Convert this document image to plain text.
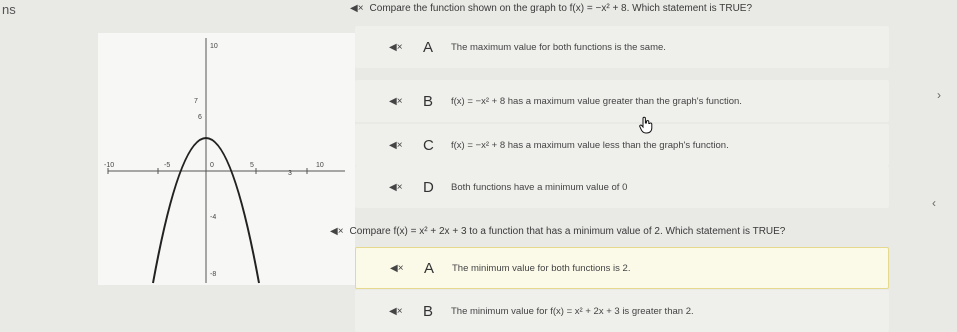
ns	◀× Compare the function shown on the graph to f(x) = −x² + 8. Which statement is TRUE?
10
7
6
-4
-8
-10	-5	0	5	10
3
◀× A The maximum value for both functions is the same.
◀× B f(x) = −x² + 8 has a maximum value greater than the graph's function.
◀× C f(x) = −x² + 8 has a maximum value less than the graph's function.
◀× D Both functions have a minimum value of 0
◀× Compare f(x) = x² + 2x + 3 to a function that has a minimum value of 2. Which statement is TRUE?
◀× A The minimum value for both functions is 2.
◀× B The minimum value for f(x) = x² + 2x + 3 is greater than 2.
›
‹
